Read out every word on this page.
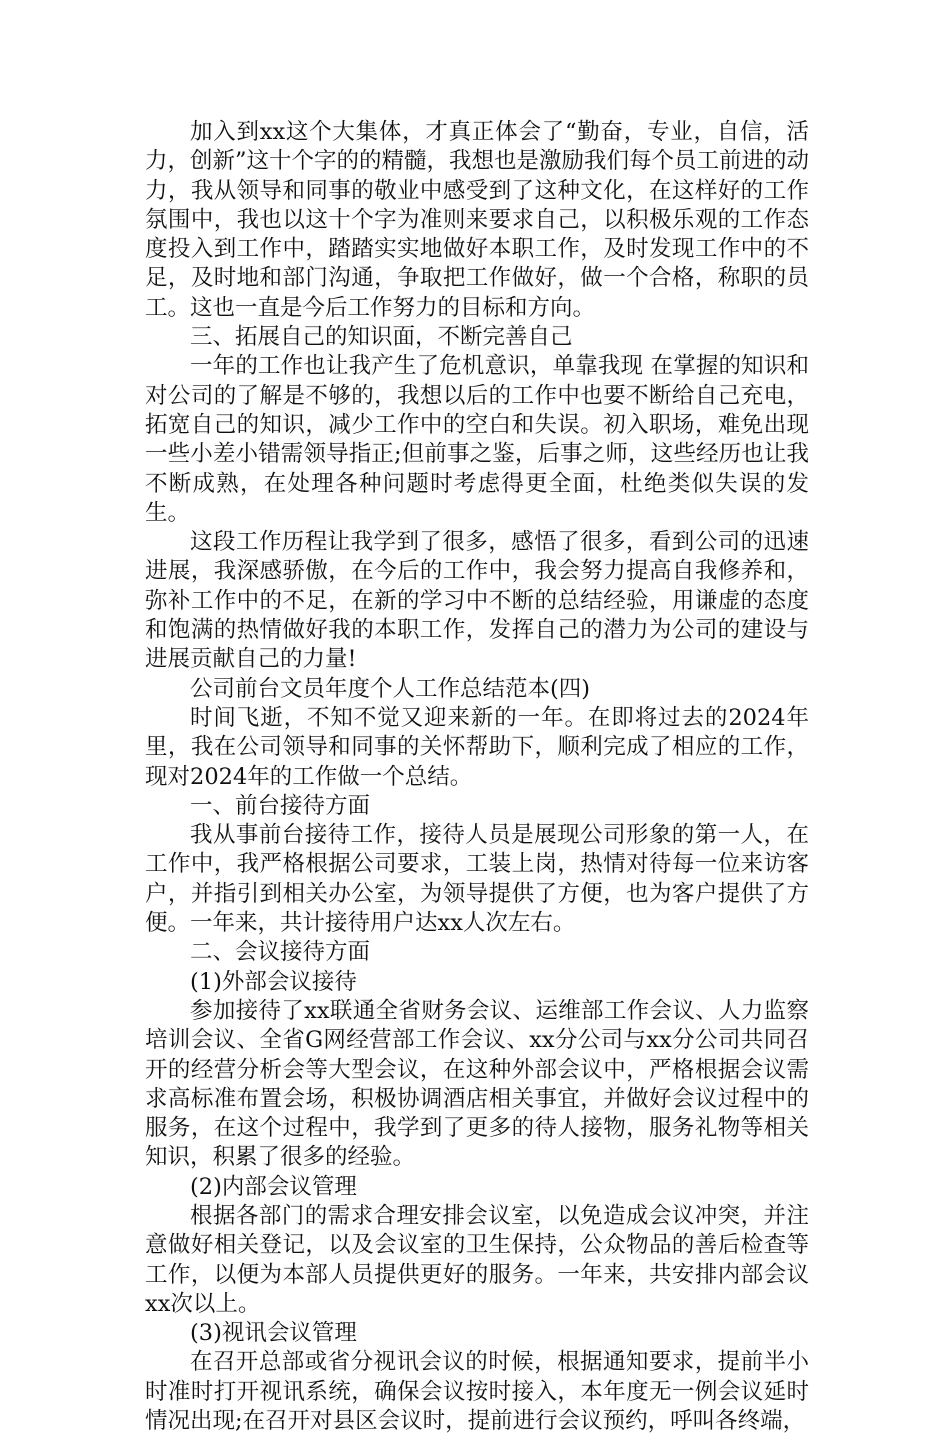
加入到xx这个大集体，才真正体会了“勤奋，专业，自信，活力，创新”这十个字的的精髓，我想也是激励我们每个员工前进的动力，我从领导和同事的敬业中感受到了这种文化，在这样好的工作氛围中，我也以这十个字为准则来要求自己，以积极乐观的工作态度投入到工作中，踏踏实实地做好本职工作，及时发现工作中的不足，及时地和部门沟通，争取把工作做好，做一个合格，称职的员工。这也一直是今后工作努力的目标和方向。

三、拓展自己的知识面，不断完善自己

一年的工作也让我产生了危机意识，单靠我现 在掌握的知识和对公司的了解是不够的，我想以后的工作中也要不断给自己充电，拓宽自己的知识，减少工作中的空白和失误。初入职场，难免出现一些小差小错需领导指正;但前事之鉴，后事之师，这些经历也让我不断成熟，在处理各种问题时考虑得更全面，杜绝类似失误的发生。

这段工作历程让我学到了很多，感悟了很多，看到公司的迅速进展，我深感骄傲，在今后的工作中，我会努力提高自我修养和，弥补工作中的不足，在新的学习中不断的总结经验，用谦虚的态度和饱满的热情做好我的本职工作，发挥自己的潜力为公司的建设与进展贡献自己的力量!

公司前台文员年度个人工作总结范本(四)

时间飞逝，不知不觉又迎来新的一年。在即将过去的2024年里，我在公司领导和同事的关怀帮助下，顺利完成了相应的工作，现对2024年的工作做一个总结。

一、前台接待方面

我从事前台接待工作，接待人员是展现公司形象的第一人，在工作中，我严格根据公司要求，工装上岗，热情对待每一位来访客户，并指引到相关办公室，为领导提供了方便，也为客户提供了方便。一年来，共计接待用户达xx人次左右。

二、会议接待方面

(1)外部会议接待

参加接待了xx联通全省财务会议、运维部工作会议、人力监察培训会议、全省G网经营部工作会议、xx分公司与xx分公司共同召开的经营分析会等大型会议，在这种外部会议中，严格根据会议需求高标准布置会场，积极协调酒店相关事宜，并做好会议过程中的服务，在这个过程中，我学到了更多的待人接物，服务礼物等相关知识，积累了很多的经验。

(2)内部会议管理

根据各部门的需求合理安排会议室，以免造成会议冲突，并注意做好相关登记，以及会议室的卫生保持，公众物品的善后检查等工作，以便为本部人员提供更好的服务。一年来，共安排内部会议xx次以上。

(3)视讯会议管理

在召开总部或省分视讯会议的时候，根据通知要求，提前半小时准时打开视讯系统，确保会议按时接入，本年度无一例会议延时情况出现;在召开对县区会议时，提前进行会议预约，呼叫各终端，
